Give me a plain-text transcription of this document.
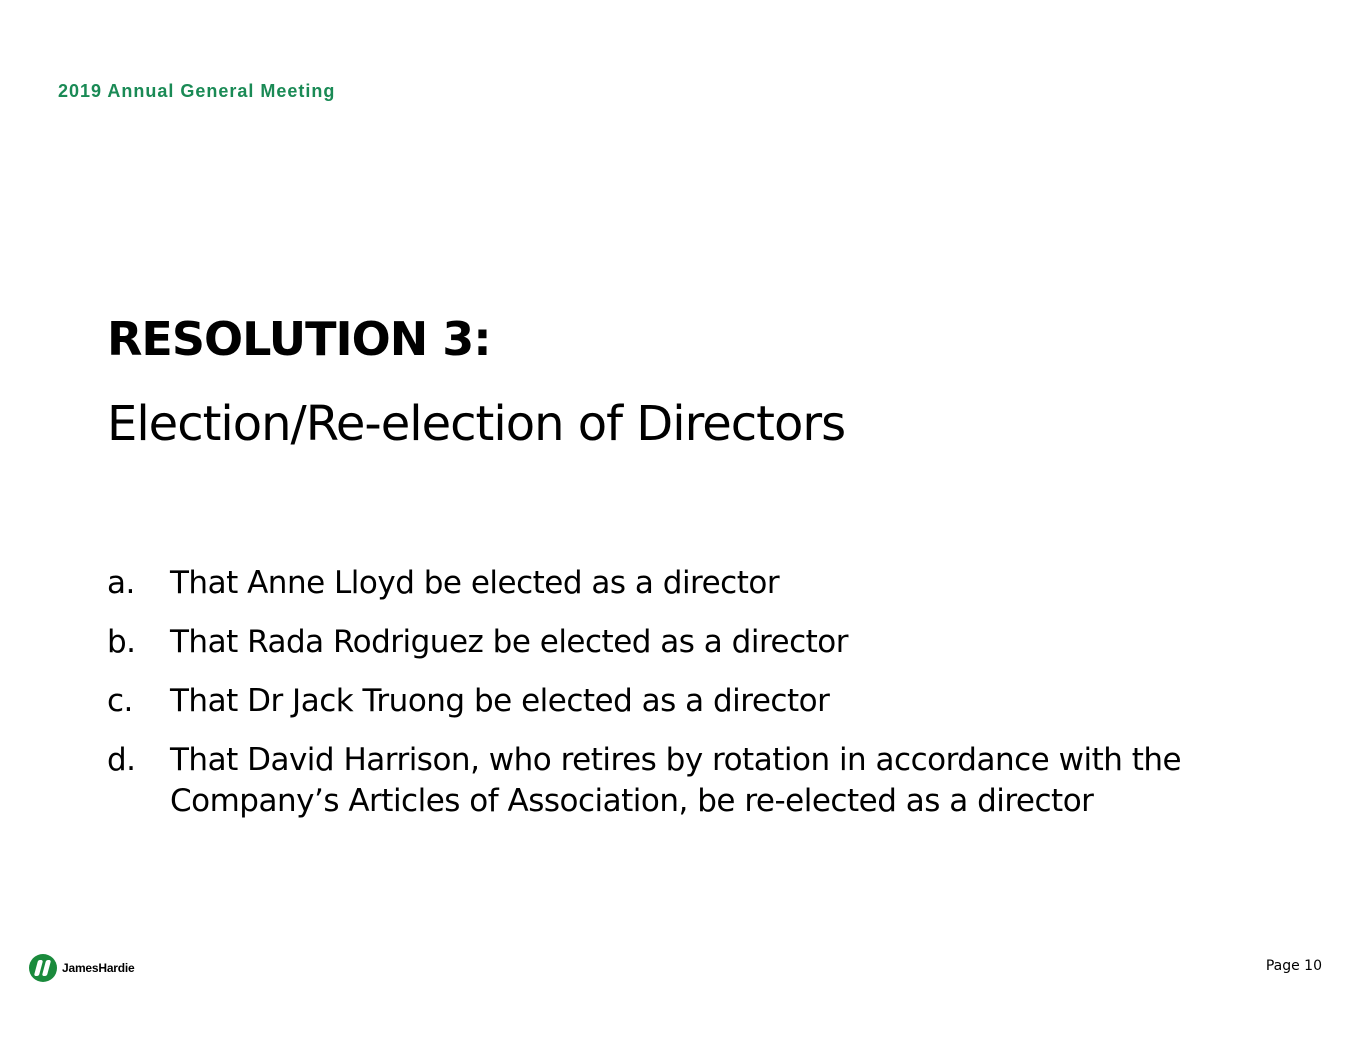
2019 Annual General Meeting
RESOLUTION 3:
Election/Re-election of Directors
a.	That Anne Lloyd be elected as a director
b.	That Rada Rodriguez be elected as a director
c.	That Dr Jack Truong be elected as a director
d.	That David Harrison, who retires by rotation in accordance with the Company’s Articles of Association, be re-elected as a director
JamesHardie	Page 10
